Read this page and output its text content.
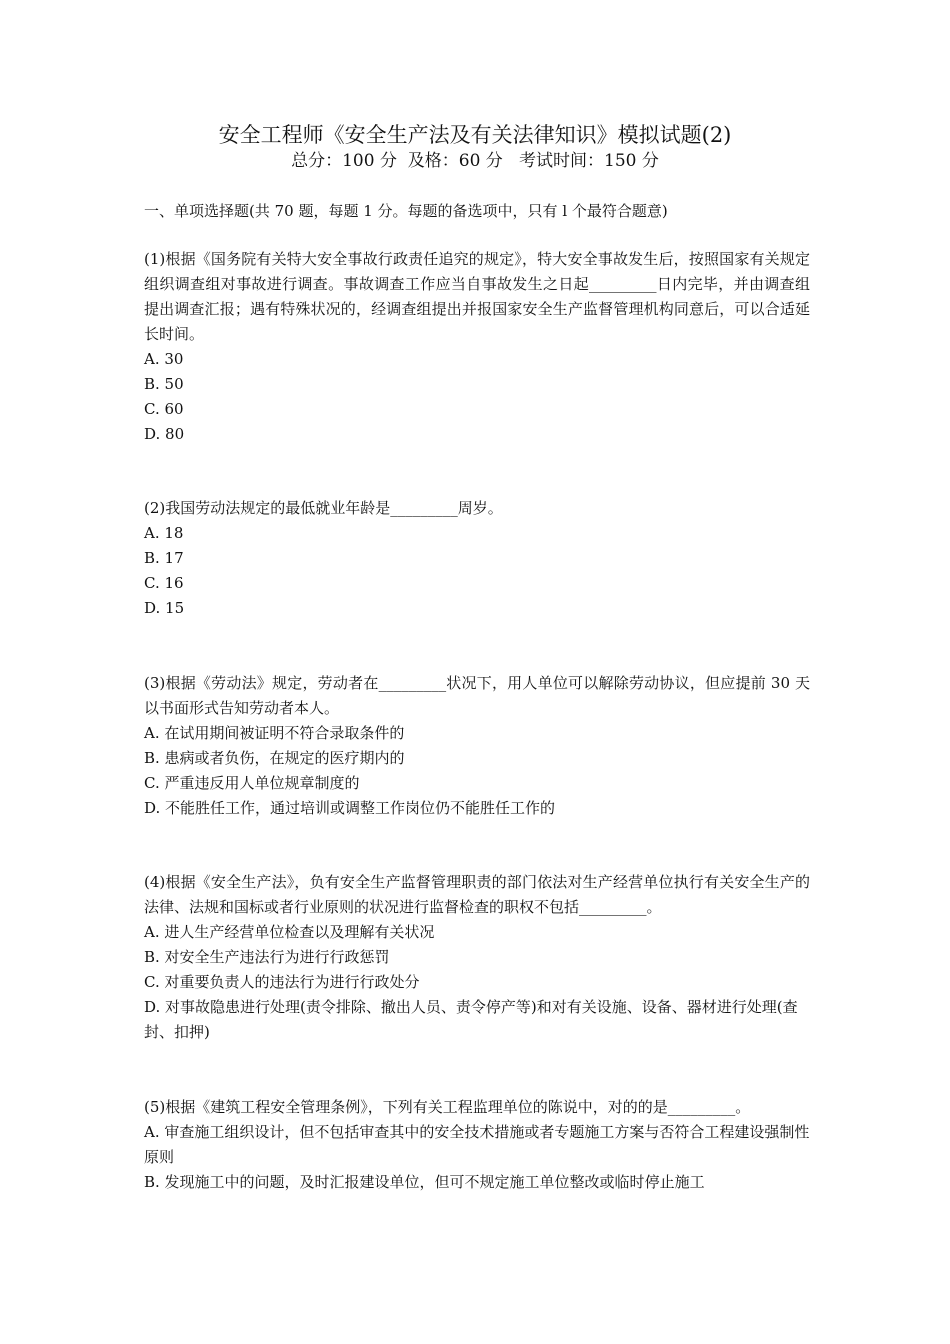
安全工程师《安全生产法及有关法律知识》模拟试题(2)
总分：100 分  及格：60 分   考试时间：150 分
一、单项选择题(共 70 题，每题 1 分。每题的备选项中，只有 l 个最符合题意)
(1)根据《国务院有关特大安全事故行政责任追究的规定》，特大安全事故发生后，按照国家有关规定组织调查组对事故进行调查。事故调查工作应当自事故发生之日起_________日内完毕，并由调查组提出调查汇报；遇有特殊状况的，经调查组提出并报国家安全生产监督管理机构同意后，可以合适延长时间。
A. 30
B. 50
C. 60
D. 80
(2)我国劳动法规定的最低就业年龄是_________周岁。
A. 18
B. 17
C. 16
D. 15
(3)根据《劳动法》规定，劳动者在_________状况下，用人单位可以解除劳动协议，但应提前 30 天以书面形式告知劳动者本人。
A. 在试用期间被证明不符合录取条件的
B. 患病或者负伤，在规定的医疗期内的
C. 严重违反用人单位规章制度的
D. 不能胜任工作，通过培训或调整工作岗位仍不能胜任工作的
(4)根据《安全生产法》，负有安全生产监督管理职责的部门依法对生产经营单位执行有关安全生产的法律、法规和国标或者行业原则的状况进行监督检查的职权不包括_________。
A. 进人生产经营单位检查以及理解有关状况
B. 对安全生产违法行为进行行政惩罚
C. 对重要负责人的违法行为进行行政处分
D. 对事故隐患进行处理(责令排除、撤出人员、责令停产等)和对有关设施、设备、器材进行处理(查封、扣押)
(5)根据《建筑工程安全管理条例》，下列有关工程监理单位的陈说中，对的的是_________。
A. 审查施工组织设计，但不包括审查其中的安全技术措施或者专题施工方案与否符合工程建设强制性原则
B. 发现施工中的问题，及时汇报建设单位，但可不规定施工单位整改或临时停止施工
